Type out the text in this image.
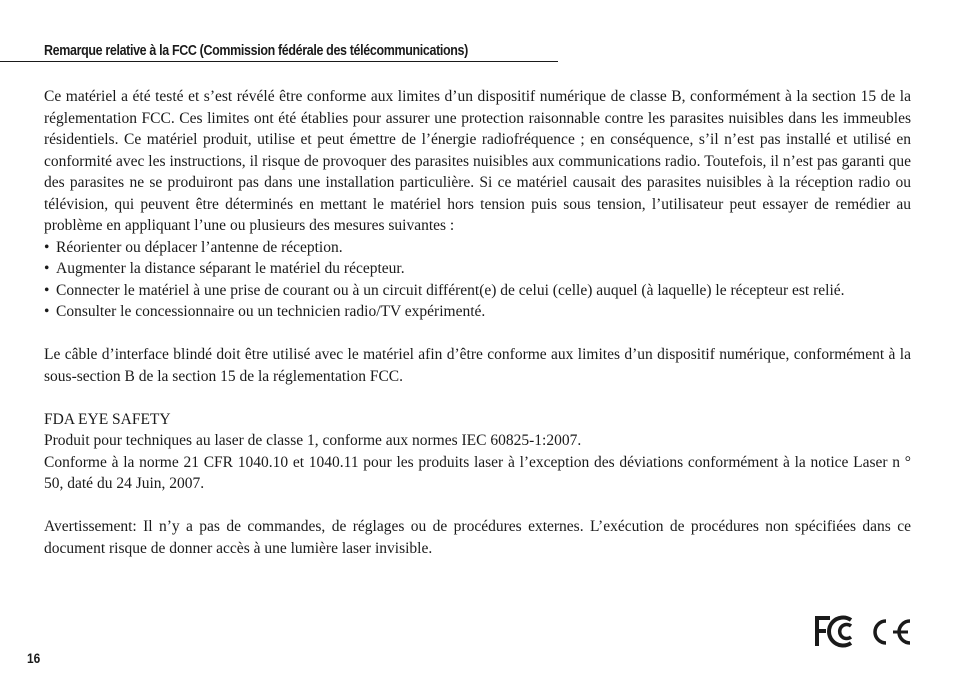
Remarque relative à la FCC (Commission fédérale des télécommunications)

Ce matériel a été testé et s’est révélé être conforme aux limites d’un dispositif numérique de classe B, conformément à la section 15 de la réglementation FCC. Ces limites ont été établies pour assurer une protection raisonnable contre les parasites nuisibles dans les immeubles résidentiels. Ce matériel produit, utilise et peut émettre de l’énergie radiofréquence ; en conséquence, s’il n’est pas installé et utilisé en conformité avec les instructions, il risque de provoquer des parasites nuisibles aux communications radio. Toutefois, il n’est pas garanti que des parasites ne se produiront pas dans une installation particulière. Si ce matériel causait des parasites nuisibles à la réception radio ou télévision, qui peuvent être déterminés en mettant le matériel hors tension puis sous tension, l’utilisateur peut essayer de remédier au problème en appliquant l’une ou plusieurs des mesures suivantes :

• Réorienter ou déplacer l’antenne de réception.
• Augmenter la distance séparant le matériel du récepteur.
• Connecter le matériel à une prise de courant ou à un circuit différent(e) de celui (celle) auquel (à laquelle) le récepteur est relié.
• Consulter le concessionnaire ou un technicien radio/TV expérimenté.

Le câble d’interface blindé doit être utilisé avec le matériel afin d’être conforme aux limites d’un dispositif numérique, conformément à la sous-section B de la section 15 de la réglementation FCC.

FDA EYE SAFETY

Produit pour techniques au laser de classe 1, conforme aux normes IEC 60825-1:2007.

Conforme à la norme 21 CFR 1040.10 et 1040.11 pour les produits laser à l’exception des déviations conformément à la notice Laser n ° 50, daté du 24 Juin, 2007.

Avertissement: Il n’y a pas de commandes, de réglages ou de procédures externes. L’exécution de procédures non spécifiées dans ce document risque de donner accès à une lumière laser invisible.

16
